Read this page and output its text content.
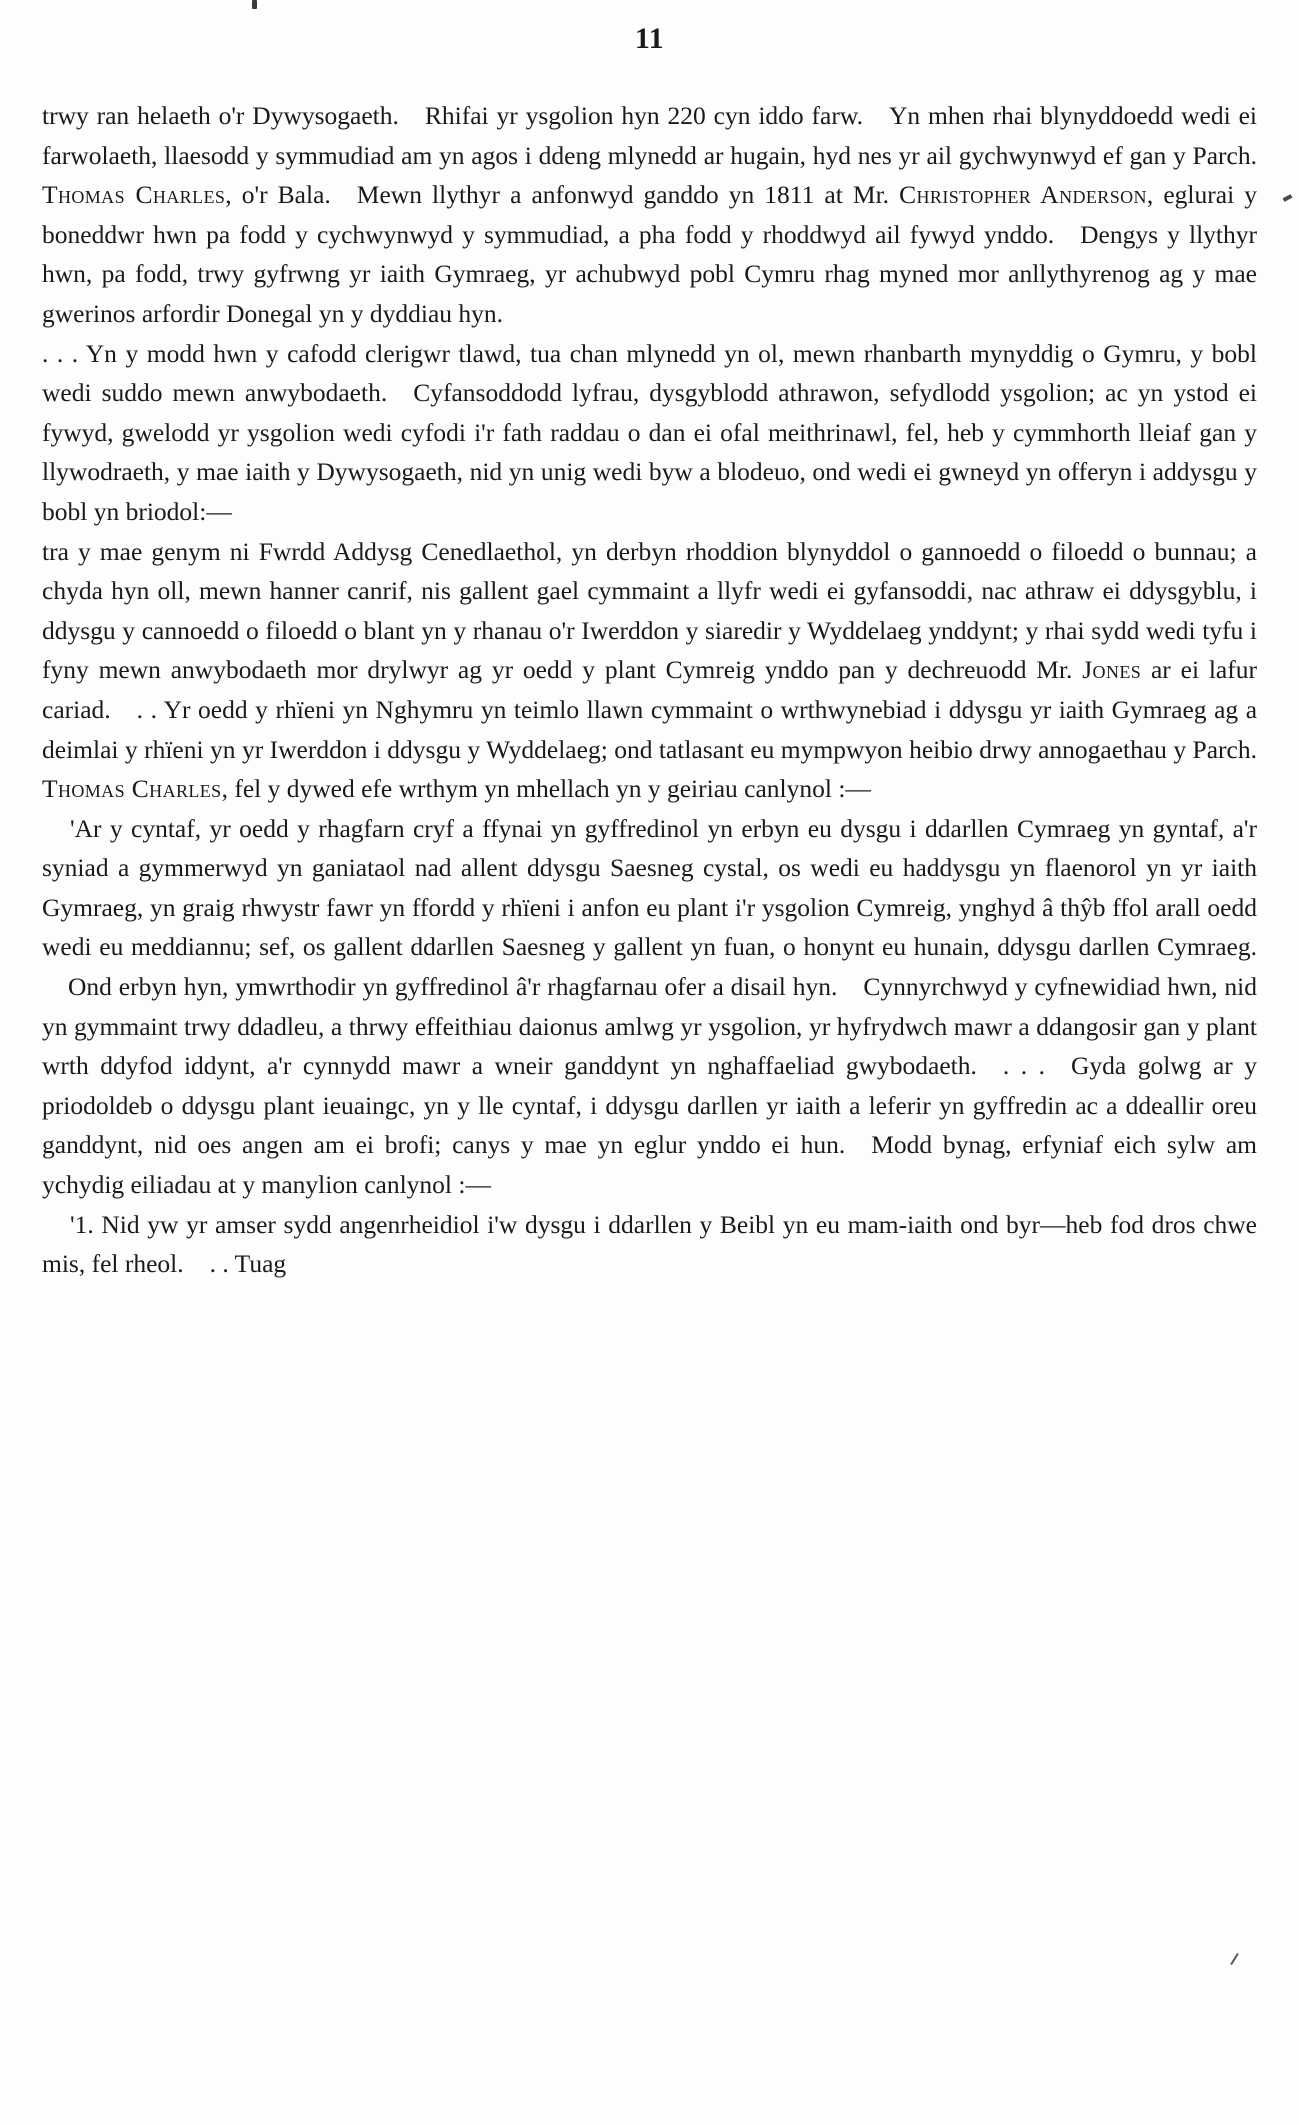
11

trwy ran helaeth o'r Dywysogaeth. Rhifai yr ysgolion hyn 220 cyn iddo farw. Yn mhen rhai blynyddoedd wedi ei farwolaeth, llaesodd y symmudiad am yn agos i ddeng mlynedd ar hugain, hyd nes yr ail gychwynwyd ef gan y Parch. Thomas Charles, o'r Bala. Mewn llythyr a anfonwyd ganddo yn 1811 at Mr. Christopher Anderson, eglurai y boneddwr hwn pa fodd y cychwynwyd y symmudiad, a pha fodd y rhoddwyd ail fywyd ynddo. Dengys y llythyr hwn, pa fodd, trwy gyfrwng yr iaith Gymraeg, yr achubwyd pobl Cymru rhag myned mor anllythyrenog ag y mae gwerinos arfordir Donegal yn y dyddiau hyn.

. . . Yn y modd hwn y cafodd clerigwr tlawd, tua chan mlynedd yn ol, mewn rhanbarth mynyddig o Gymru, y bobl wedi suddo mewn anwybodaeth. Cyfansoddodd lyfrau, dysgyblodd athrawon, sefydlodd ysgolion; ac yn ystod ei fywyd, gwelodd yr ysgolion wedi cyfodi i'r fath raddau o dan ei ofal meithrinawl, fel, heb y cymmhorth lleiaf gan y llywodraeth, y mae iaith y Dywysogaeth, nid yn unig wedi byw a blodeuo, ond wedi ei gwneyd yn offeryn i addysgu y bobl yn briodol:—

tra y mae genym ni Fwrdd Addysg Cenedlaethol, yn derbyn rhoddion blynyddol o gannoedd o filoedd o bunnau; a chyda hyn oll, mewn hanner canrif, nis gallent gael cymmaint a llyfr wedi ei gyfansoddi, nac athraw ei ddysgyblu, i ddysgu y cannoedd o filoedd o blant yn y rhanau o'r Iwerddon y siaredir y Wyddelaeg ynddynt; y rhai sydd wedi tyfu i fyny mewn anwybodaeth mor drylwyr ag yr oedd y plant Cymreig ynddo pan y dechreuodd Mr. Jones ar ei lafur cariad. . . Yr oedd y rhïeni yn Nghymru yn teimlo llawn cymmaint o wrthwynebiad i ddysgu yr iaith Gymraeg ag a deimlai y rhïeni yn yr Iwerddon i ddysgu y Wyddelaeg; ond tatlasant eu mympwyon heibio drwy annogaethau y Parch. Thomas Charles, fel y dywed efe wrthym yn mhellach yn y geiriau canlynol :—

'Ar y cyntaf, yr oedd y rhagfarn cryf a ffynai yn gyffredinol yn erbyn eu dysgu i ddarllen Cymraeg yn gyntaf, a'r syniad a gymmerwyd yn ganiataol nad allent ddysgu Saesneg cystal, os wedi eu haddysgu yn flaenorol yn yr iaith Gymraeg, yn graig rhwystr fawr yn ffordd y rhïeni i anfon eu plant i'r ysgolion Cymreig, ynghyd â thŷb ffol arall oedd wedi eu meddiannu; sef, os gallent ddarllen Saesneg y gallent yn fuan, o honynt eu hunain, ddysgu darllen Cymraeg.Ond erbyn hyn, ymwrthodir yn gyffredinol â'r rhagfarnau ofer a disail hyn. Cynnyrchwyd y cyfnewidiad hwn, nid yn gymmaint trwy ddadleu, a thrwy effeithiau daionus amlwg yr ysgolion, yr hyfrydwch mawr a ddangosir gan y plant wrth ddyfod iddynt, a'r cynnydd mawr a wneir ganddynt yn nghaffaeliad gwybodaeth. . . . Gyda golwg ar y priodoldeb o ddysgu plant ieuaingc, yn y lle cyntaf, i ddysgu darllen yr iaith a leferir yn gyffredin ac a ddeallir oreu ganddynt, nid oes angen am ei brofi; canys y mae yn eglur ynddo ei hun. Modd bynag, erfyniaf eich sylw am ychydig eiliadau at y manylion canlynol :—

'1. Nid yw yr amser sydd angenrheidiol i'w dysgu i ddarllen y Beibl yn eu mam-iaith ond byr—heb fod dros chwe mis, fel rheol. . . Tuag
